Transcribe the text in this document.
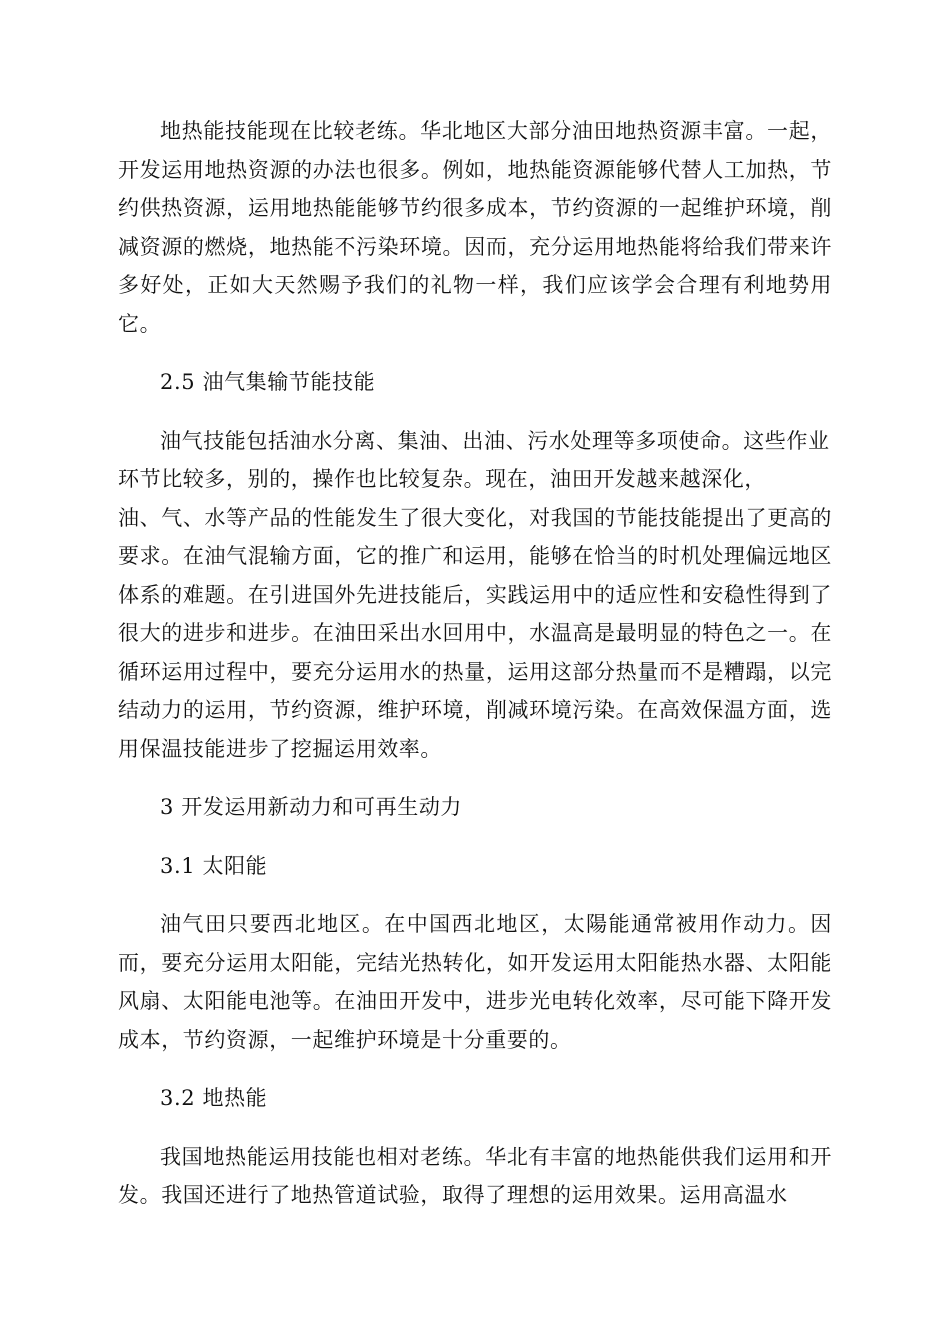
地热能技能现在比较老练。华北地区大部分油田地热资源丰富。一起，开发运用地热资源的办法也很多。例如，地热能资源能够代替人工加热，节约供热资源，运用地热能能够节约很多成本，节约资源的一起维护环境，削减资源的燃烧，地热能不污染环境。因而，充分运用地热能将给我们带来许多好处，正如大天然赐予我们的礼物一样，我们应该学会合理有利地势用它。

2.5 油气集输节能技能

油气技能包括油水分离、集油、出油、污水处理等多项使命。这些作业环节比较多，别的，操作也比较复杂。现在，油田开发越来越深化，

油、气、水等产品的性能发生了很大变化，对我国的节能技能提出了更高的要求。在油气混输方面，它的推广和运用，能够在恰当的时机处理偏远地区体系的难题。在引进国外先进技能后，实践运用中的适应性和安稳性得到了很大的进步和进步。在油田采出水回用中，水温高是最明显的特色之一。在循环运用过程中，要充分运用水的热量，运用这部分热量而不是糟蹋，以完结动力的运用，节约资源，维护环境，削减环境污染。在高效保温方面，选用保温技能进步了挖掘运用效率。

3 开发运用新动力和可再生动力

3.1 太阳能

油气田只要西北地区。在中国西北地区，太陽能通常被用作动力。因而，要充分运用太阳能，完结光热转化，如开发运用太阳能热水器、太阳能风扇、太阳能电池等。在油田开发中，进步光电转化效率，尽可能下降开发成本，节约资源，一起维护环境是十分重要的。

3.2 地热能

我国地热能运用技能也相对老练。华北有丰富的地热能供我们运用和开发。我国还进行了地热管道试验，取得了理想的运用效果。运用高温水
